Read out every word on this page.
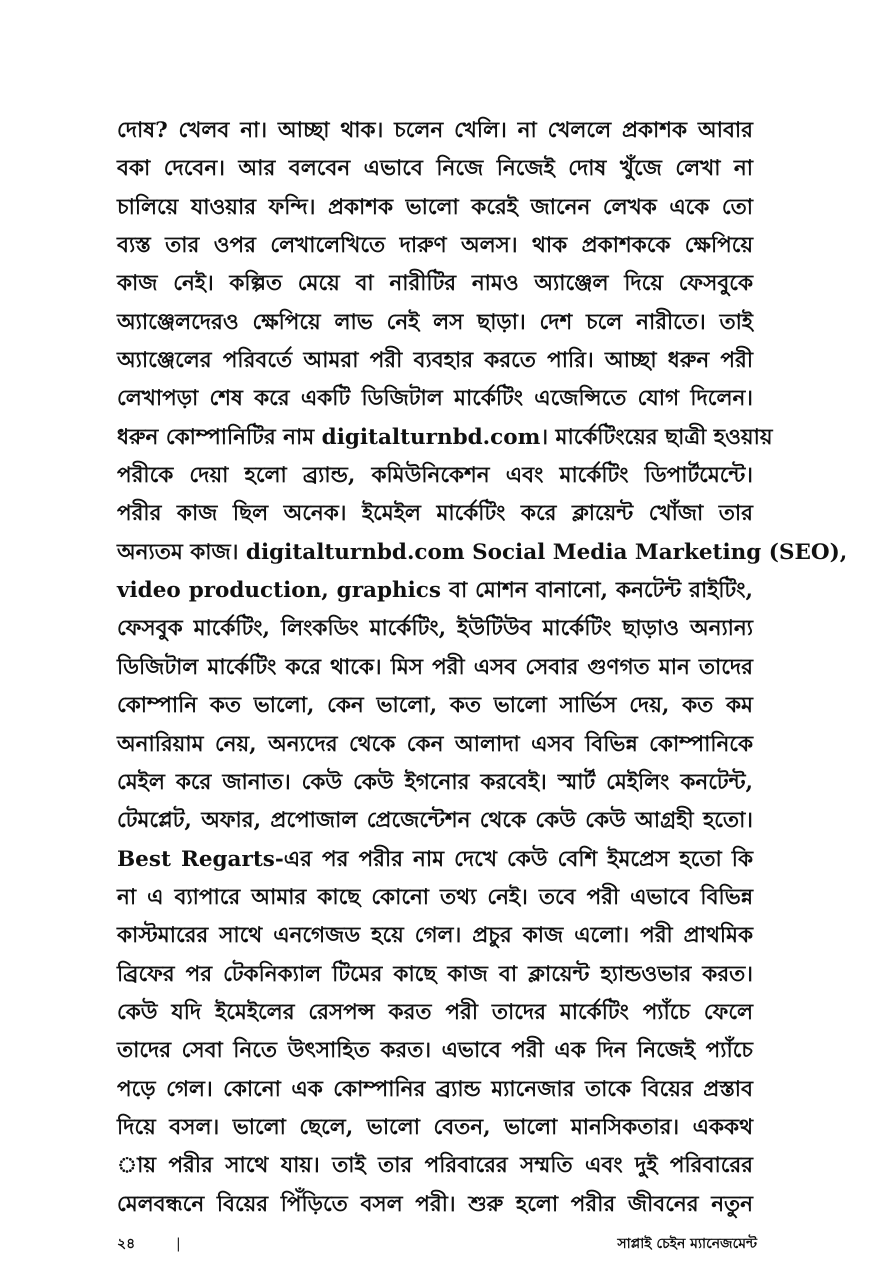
দোষ? খেলব না। আচ্ছা থাক। চলেন খেলি। না খেললে প্রকাশক আবার
বকা দেবেন। আর বলবেন এভাবে নিজে নিজেই দোষ খুঁজে লেখা না
চালিয়ে যাওয়ার ফন্দি। প্রকাশক ভালো করেই জানেন লেখক একে তো
ব্যস্ত তার ওপর লেখালেখিতে দারুণ অলস। থাক প্রকাশককে ক্ষেপিয়ে
কাজ নেই। কল্পিত মেয়ে বা নারীটির নামও অ্যাঞ্জেল দিয়ে ফেসবুকে
অ্যাঞ্জেলদেরও ক্ষেপিয়ে লাভ নেই লস ছাড়া। দেশ চলে নারীতে। তাই
অ্যাঞ্জেলের পরিবর্তে আমরা পরী ব্যবহার করতে পারি। আচ্ছা ধরুন পরী
লেখাপড়া শেষ করে একটি ডিজিটাল মার্কেটিং এজেন্সিতে যোগ দিলেন।
ধরুন কোম্পানিটির নাম digitalturnbd.com। মার্কেটিংয়ের ছাত্রী হওয়ায়
পরীকে দেয়া হলো ব্র্যান্ড, কমিউনিকেশন এবং মার্কেটিং ডিপার্টমেন্টে।
পরীর কাজ ছিল অনেক। ইমেইল মার্কেটিং করে ক্লায়েন্ট খোঁজা তার
অন্যতম কাজ। digitalturnbd.com Social Media Marketing (SEO),
video production, graphics বা মোশন বানানো, কনটেন্ট রাইটিং,
ফেসবুক মার্কেটিং, লিংকডিং মার্কেটিং, ইউটিউব মার্কেটিং ছাড়াও অন্যান্য
ডিজিটাল মার্কেটিং করে থাকে। মিস পরী এসব সেবার গুণগত মান তাদের
কোম্পানি কত ভালো, কেন ভালো, কত ভালো সার্ভিস দেয়, কত কম
অনারিয়াম নেয়, অন্যদের থেকে কেন আলাদা এসব বিভিন্ন কোম্পানিকে
মেইল করে জানাত। কেউ কেউ ইগনোর করবেই। স্মার্ট মেইলিং কনটেন্ট,
টেমপ্লেট, অফার, প্রপোজাল প্রেজেন্টেশন থেকে কেউ কেউ আগ্রহী হতো।
Best Regarts-এর পর পরীর নাম দেখে কেউ বেশি ইমপ্রেস হতো কি
না এ ব্যাপারে আমার কাছে কোনো তথ্য নেই। তবে পরী এভাবে বিভিন্ন
কাস্টমারের সাথে এনগেজড হয়ে গেল। প্রচুর কাজ এলো। পরী প্রাথমিক
ব্রিফের পর টেকনিক্যাল টিমের কাছে কাজ বা ক্লায়েন্ট হ্যান্ডওভার করত।
কেউ যদি ইমেইলের রেসপন্স করত পরী তাদের মার্কেটিং প্যাঁচে ফেলে
তাদের সেবা নিতে উৎসাহিত করত। এভাবে পরী এক দিন নিজেই প্যাঁচে
পড়ে গেল। কোনো এক কোম্পানির ব্র্যান্ড ম্যানেজার তাকে বিয়ের প্রস্তাব
দিয়ে বসল। ভালো ছেলে, ভালো বেতন, ভালো মানসিকতার। এককথ
ায় পরীর সাথে যায়। তাই তার পরিবারের সম্মতি এবং দুই পরিবারের
মেলবন্ধনে বিয়ের পিঁড়িতে বসল পরী। শুরু হলো পরীর জীবনের নতুন
২৪	|	সাপ্লাই চেইন ম্যানেজমেন্ট
